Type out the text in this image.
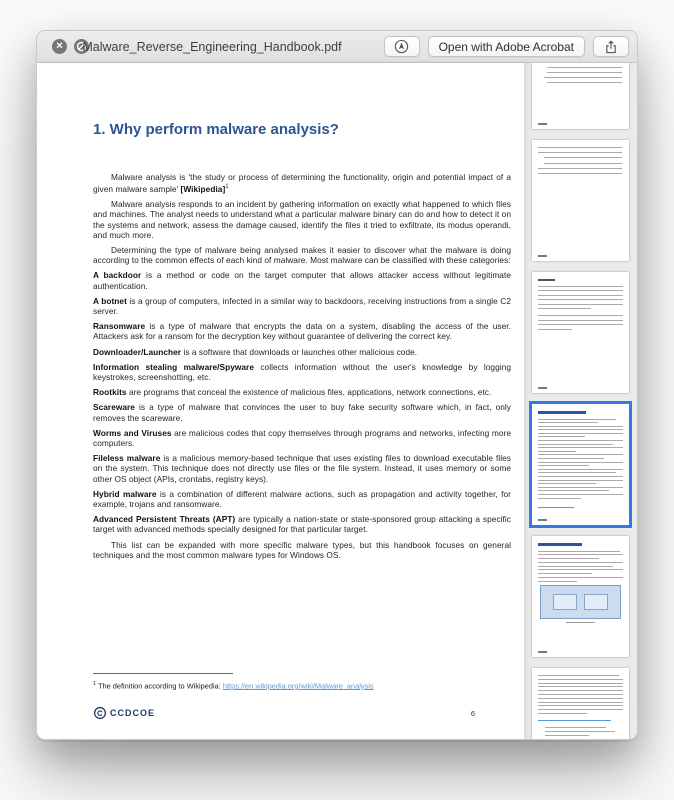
✕	Malware_Reverse_Engineering_Handbook.pdf	Open with Adobe Acrobat
1. Why perform malware analysis?

Malware analysis is 'the study or process of determining the functionality, origin and potential impact of a given malware sample' [Wikipedia]$^1$

Malware analysis responds to an incident by gathering information on exactly what happened to which files and machines. The analyst needs to understand what a particular malware binary can do and how to detect it on the systems and network, assess the damage caused, identify the files it tried to exfiltrate, its modus operandi, and much more.

Determining the type of malware being analysed makes it easier to discover what the malware is doing according to the common effects of each kind of malware. Most malware can be classified with these categories:

A backdoor is a method or code on the target computer that allows attacker access without legitimate authentication.

A botnet is a group of computers, infected in a similar way to backdoors, receiving instructions from a single C2 server.

Ransomware is a type of malware that encrypts the data on a system, disabling the access of the user. Attackers ask for a ransom for the decryption key without guarantee of delivering the correct key.

Downloader/Launcher is a software that downloads or launches other malicious code.

Information stealing malware/Spyware collects information without the user's knowledge by logging keystrokes, screenshotting, etc.

Rootkits are programs that conceal the existence of malicious files, applications, network connections, etc.

Scareware is a type of malware that convinces the user to buy fake security software which, in fact, only removes the scareware.

Worms and Viruses are malicious codes that copy themselves through programs and networks, infecting more computers.

Fileless malware is a malicious memory-based technique that uses existing files to download executable files on the system. This technique does not directly use files or the file system. Instead, it uses memory or some other OS object (APIs, crontabs, registry keys).

Hybrid malware is a combination of different malware actions, such as propagation and activity together, for example, trojans and ransomware.

Advanced Persistent Threats (APT) are typically a nation-state or state-sponsored group attacking a specific target with advanced methods specially designed for that particular target.

This list can be expanded with more specific malware types, but this handbook focuses on general techniques and the most common malware types for Windows OS.

$^1$ The definition according to Wikipedia: https://en.wikipedia.org/wiki/Malware_analysis
CCDCOE	6
